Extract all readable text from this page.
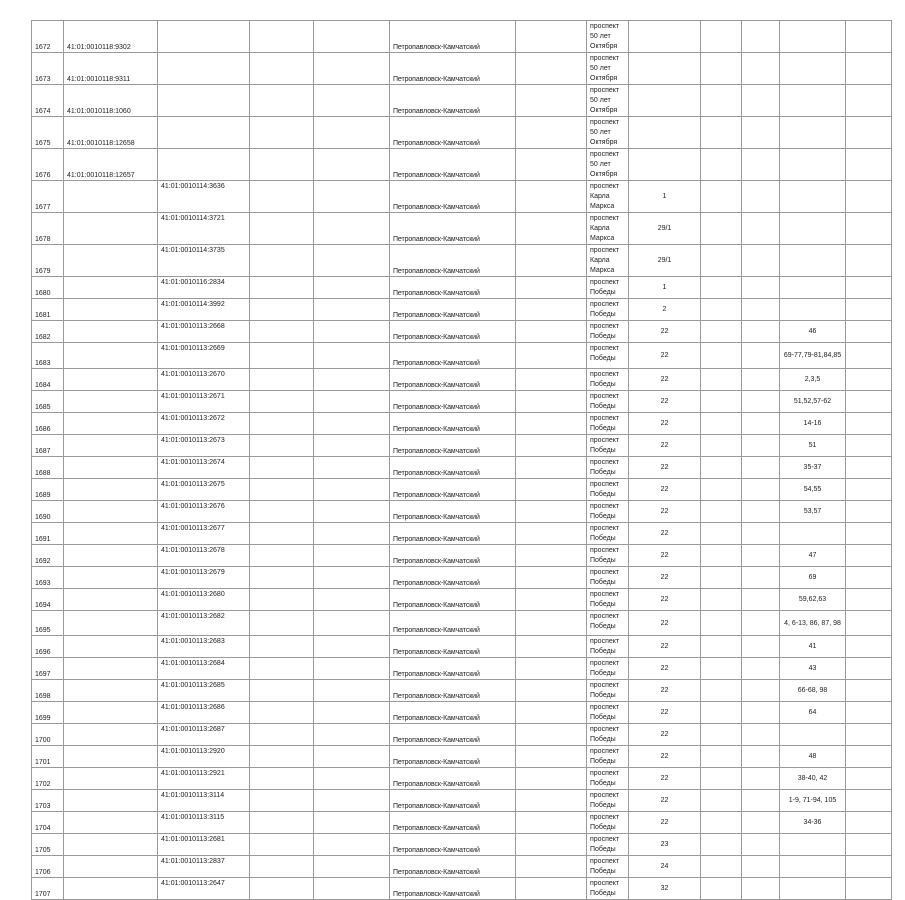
1672	41:01:0010118:9302				Петропавловск-Камчатский		проспект 50 лет Октября					
1673	41:01:0010118:9311				Петропавловск-Камчатский		проспект 50 лет Октября					
1674	41:01:0010118:1060				Петропавловск-Камчатский		проспект 50 лет Октября					
1675	41:01:0010118:12658				Петропавловск-Камчатский		проспект 50 лет Октября					
1676	41:01:0010118:12657				Петропавловск-Камчатский		проспект 50 лет Октября					
1677		41:01:0010114:3636			Петропавловск-Камчатский		проспект Карла Маркса	1				
1678		41:01:0010114:3721			Петропавловск-Камчатский		проспект Карла Маркса	29/1				
1679		41:01:0010114:3735			Петропавловск-Камчатский		проспект Карла Маркса	29/1				
1680		41:01:0010116:2834			Петропавловск-Камчатский		проспект Победы	1				
1681		41:01:0010114:3992			Петропавловск-Камчатский		проспект Победы	2				
1682		41:01:0010113:2668			Петропавловск-Камчатский		проспект Победы	22			46	
1683		41:01:0010113:2669			Петропавловск-Камчатский		проспект Победы	22			69-77,79-81,84,85	
1684		41:01:0010113:2670			Петропавловск-Камчатский		проспект Победы	22			2,3,5	
1685		41:01:0010113:2671			Петропавловск-Камчатский		проспект Победы	22			51,52,57-62	
1686		41:01:0010113:2672			Петропавловск-Камчатский		проспект Победы	22			14-16	
1687		41:01:0010113:2673			Петропавловск-Камчатский		проспект Победы	22			51	
1688		41:01:0010113:2674			Петропавловск-Камчатский		проспект Победы	22			35-37	
1689		41:01:0010113:2675			Петропавловск-Камчатский		проспект Победы	22			54,55	
1690		41:01:0010113:2676			Петропавловск-Камчатский		проспект Победы	22			53,57	
1691		41:01:0010113:2677			Петропавловск-Камчатский		проспект Победы	22				
1692		41:01:0010113:2678			Петропавловск-Камчатский		проспект Победы	22			47	
1693		41:01:0010113:2679			Петропавловск-Камчатский		проспект Победы	22			69	
1694		41:01:0010113:2680			Петропавловск-Камчатский		проспект Победы	22			59,62,63	
1695		41:01:0010113:2682			Петропавловск-Камчатский		проспект Победы	22			4, 6-13, 86, 87, 98	
1696		41:01:0010113:2683			Петропавловск-Камчатский		проспект Победы	22			41	
1697		41:01:0010113:2684			Петропавловск-Камчатский		проспект Победы	22			43	
1698		41:01:0010113:2685			Петропавловск-Камчатский		проспект Победы	22			66-68, 98	
1699		41:01:0010113:2686			Петропавловск-Камчатский		проспект Победы	22			64	
1700		41:01:0010113:2687			Петропавловск-Камчатский		проспект Победы	22				
1701		41:01:0010113:2920			Петропавловск-Камчатский		проспект Победы	22			48	
1702		41:01:0010113:2921			Петропавловск-Камчатский		проспект Победы	22			38-40, 42	
1703		41:01:0010113:3114			Петропавловск-Камчатский		проспект Победы	22			1-9, 71-94, 105	
1704		41:01:0010113:3115			Петропавловск-Камчатский		проспект Победы	22			34-36	
1705		41:01:0010113:2681			Петропавловск-Камчатский		проспект Победы	23				
1706		41:01:0010113:2837			Петропавловск-Камчатский		проспект Победы	24				
1707		41:01:0010113:2647			Петропавловск-Камчатский		проспект Победы	32				
